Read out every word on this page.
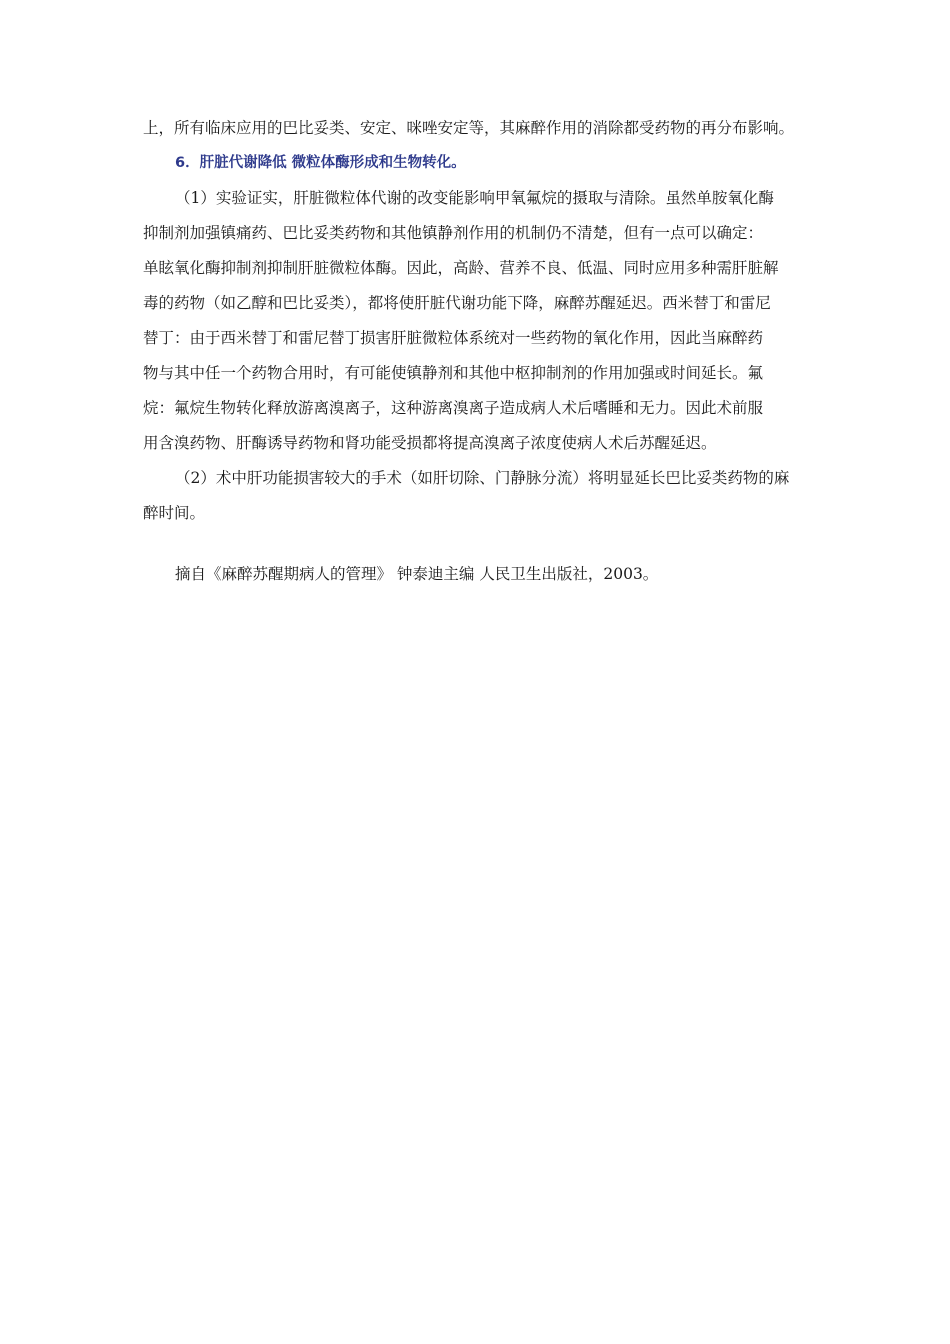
上，所有临床应用的巴比妥类、安定、咪唑安定等，其麻醉作用的消除都受药物的再分布影响。
6．肝脏代谢降低 微粒体酶形成和生物转化。
（1）实验证实，肝脏微粒体代谢的改变能影响甲氧氟烷的摄取与清除。虽然单胺氧化酶
抑制剂加强镇痛药、巴比妥类药物和其他镇静剂作用的机制仍不清楚，但有一点可以确定：
单眩氧化酶抑制剂抑制肝脏微粒体酶。因此，高龄、营养不良、低温、同时应用多种需肝脏解
毒的药物（如乙醇和巴比妥类），都将使肝脏代谢功能下降，麻醉苏醒延迟。西米替丁和雷尼
替丁：由于西米替丁和雷尼替丁损害肝脏微粒体系统对一些药物的氧化作用，因此当麻醉药
物与其中任一个药物合用时，有可能使镇静剂和其他中枢抑制剂的作用加强或时间延长。氟
烷：氟烷生物转化释放游离溴离子，这种游离溴离子造成病人术后嗜睡和无力。因此术前服
用含溴药物、肝酶诱导药物和肾功能受损都将提高溴离子浓度使病人术后苏醒延迟。
（2）术中肝功能损害较大的手术（如肝切除、门静脉分流）将明显延长巴比妥类药物的麻
醉时间。
摘自《麻醉苏醒期病人的管理》 钟泰迪主编 人民卫生出版社，2003。
